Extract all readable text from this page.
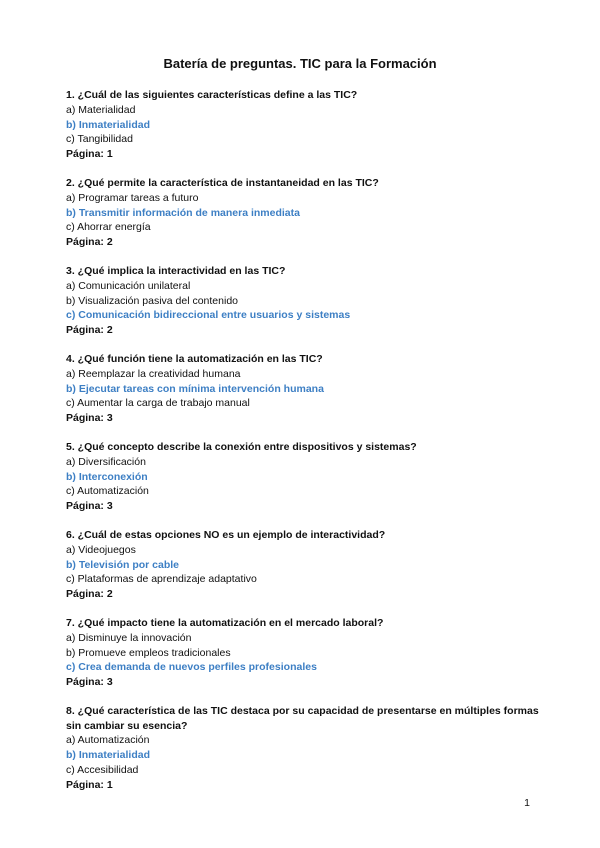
Batería de preguntas. TIC para la Formación
1. ¿Cuál de las siguientes características define a las TIC?
a) Materialidad
b) Inmaterialidad
c) Tangibilidad
Página: 1
2. ¿Qué permite la característica de instantaneidad en las TIC?
a) Programar tareas a futuro
b) Transmitir información de manera inmediata
c) Ahorrar energía
Página: 2
3. ¿Qué implica la interactividad en las TIC?
a) Comunicación unilateral
b) Visualización pasiva del contenido
c) Comunicación bidireccional entre usuarios y sistemas
Página: 2
4. ¿Qué función tiene la automatización en las TIC?
a) Reemplazar la creatividad humana
b) Ejecutar tareas con mínima intervención humana
c) Aumentar la carga de trabajo manual
Página: 3
5. ¿Qué concepto describe la conexión entre dispositivos y sistemas?
a) Diversificación
b) Interconexión
c) Automatización
Página: 3
6. ¿Cuál de estas opciones NO es un ejemplo de interactividad?
a) Videojuegos
b) Televisión por cable
c) Plataformas de aprendizaje adaptativo
Página: 2
7. ¿Qué impacto tiene la automatización en el mercado laboral?
a) Disminuye la innovación
b) Promueve empleos tradicionales
c) Crea demanda de nuevos perfiles profesionales
Página: 3
8. ¿Qué característica de las TIC destaca por su capacidad de presentarse en múltiples formas sin cambiar su esencia?
a) Automatización
b) Inmaterialidad
c) Accesibilidad
Página: 1
1
